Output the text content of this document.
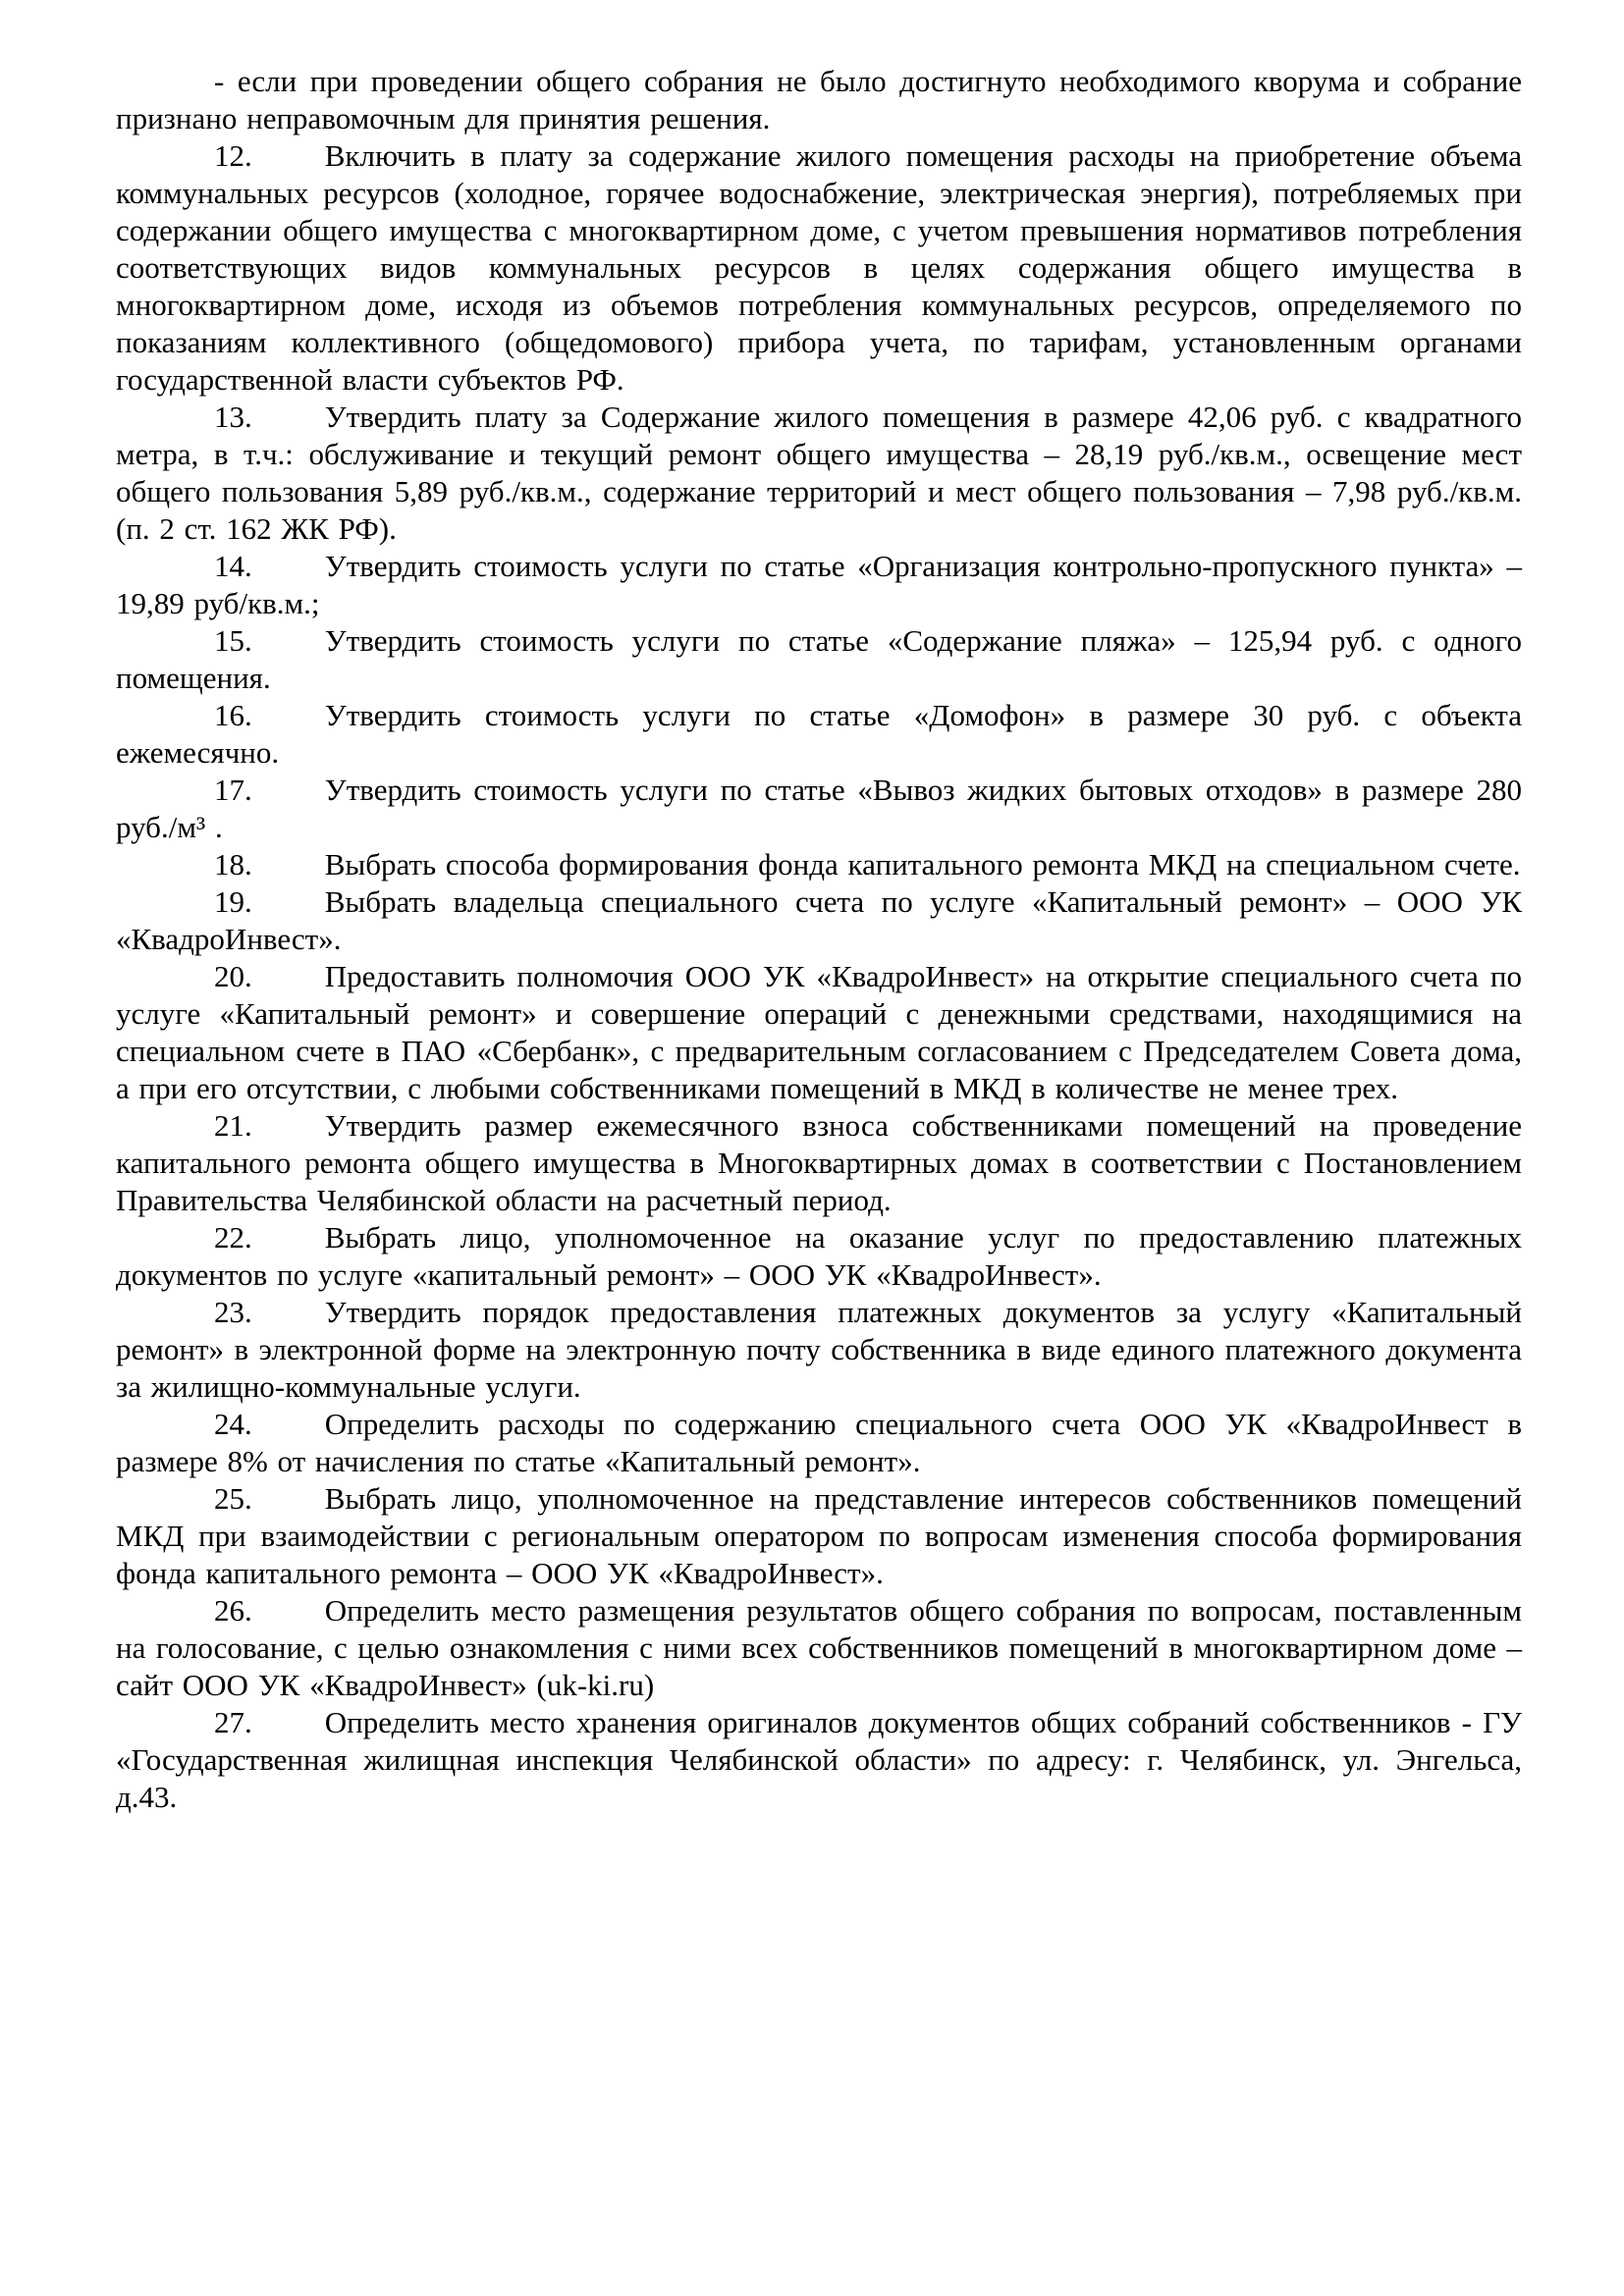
- если при проведении общего собрания не было достигнуто необходимого кворума и собрание признано неправомочным для принятия решения.

12. Включить в плату за содержание жилого помещения расходы на приобретение объема коммунальных ресурсов (холодное, горячее водоснабжение, электрическая энергия), потребляемых при содержании общего имущества с многоквартирном доме, с учетом превышения нормативов потребления соответствующих видов коммунальных ресурсов в целях содержания общего имущества в многоквартирном доме, исходя из объемов потребления коммунальных ресурсов, определяемого по показаниям коллективного (общедомового) прибора учета, по тарифам, установленным органами государственной власти субъектов РФ.

13. Утвердить плату за Содержание жилого помещения в размере 42,06 руб. с квадратного метра, в т.ч.: обслуживание и текущий ремонт общего имущества – 28,19 руб./кв.м., освещение мест общего пользования 5,89 руб./кв.м., содержание территорий и мест общего пользования – 7,98 руб./кв.м. (п. 2 ст. 162 ЖК РФ).

14. Утвердить стоимость услуги по статье «Организация контрольно-пропускного пункта» – 19,89 руб/кв.м.;

15. Утвердить стоимость услуги по статье «Содержание пляжа» – 125,94 руб. с одного помещения.

16. Утвердить стоимость услуги по статье «Домофон» в размере 30 руб. с объекта ежемесячно.

17. Утвердить стоимость услуги по статье «Вывоз жидких бытовых отходов» в размере 280 руб./м³ .

18. Выбрать способа формирования фонда капитального ремонта МКД на специальном счете.

19. Выбрать владельца специального счета по услуге «Капитальный ремонт» – ООО УК «КвадроИнвест».

20. Предоставить полномочия ООО УК «КвадроИнвест» на открытие специального счета по услуге «Капитальный ремонт» и совершение операций с денежными средствами, находящимися на специальном счете в ПАО «Сбербанк», с предварительным согласованием с Председателем Совета дома, а при его отсутствии, с любыми собственниками помещений в МКД в количестве не менее трех.

21. Утвердить размер ежемесячного взноса собственниками помещений на проведение капитального ремонта общего имущества в Многоквартирных домах в соответствии с Постановлением Правительства Челябинской области на расчетный период.

22. Выбрать лицо, уполномоченное на оказание услуг по предоставлению платежных документов по услуге «капитальный ремонт» – ООО УК «КвадроИнвест».

23. Утвердить порядок предоставления платежных документов за услугу «Капитальный ремонт» в электронной форме на электронную почту собственника в виде единого платежного документа за жилищно-коммунальные услуги.

24. Определить расходы по содержанию специального счета ООО УК «КвадроИнвест в размере 8% от начисления по статье «Капитальный ремонт».

25. Выбрать лицо, уполномоченное на представление интересов собственников помещений МКД при взаимодействии с региональным оператором по вопросам изменения способа формирования фонда капитального ремонта – ООО УК «КвадроИнвест».

26. Определить место размещения результатов общего собрания по вопросам, поставленным на голосование, с целью ознакомления с ними всех собственников помещений в многоквартирном доме – сайт ООО УК «КвадроИнвест» (uk-ki.ru)

27. Определить место хранения оригиналов документов общих собраний собственников - ГУ «Государственная жилищная инспекция Челябинской области» по адресу: г. Челябинск, ул. Энгельса, д.43.
